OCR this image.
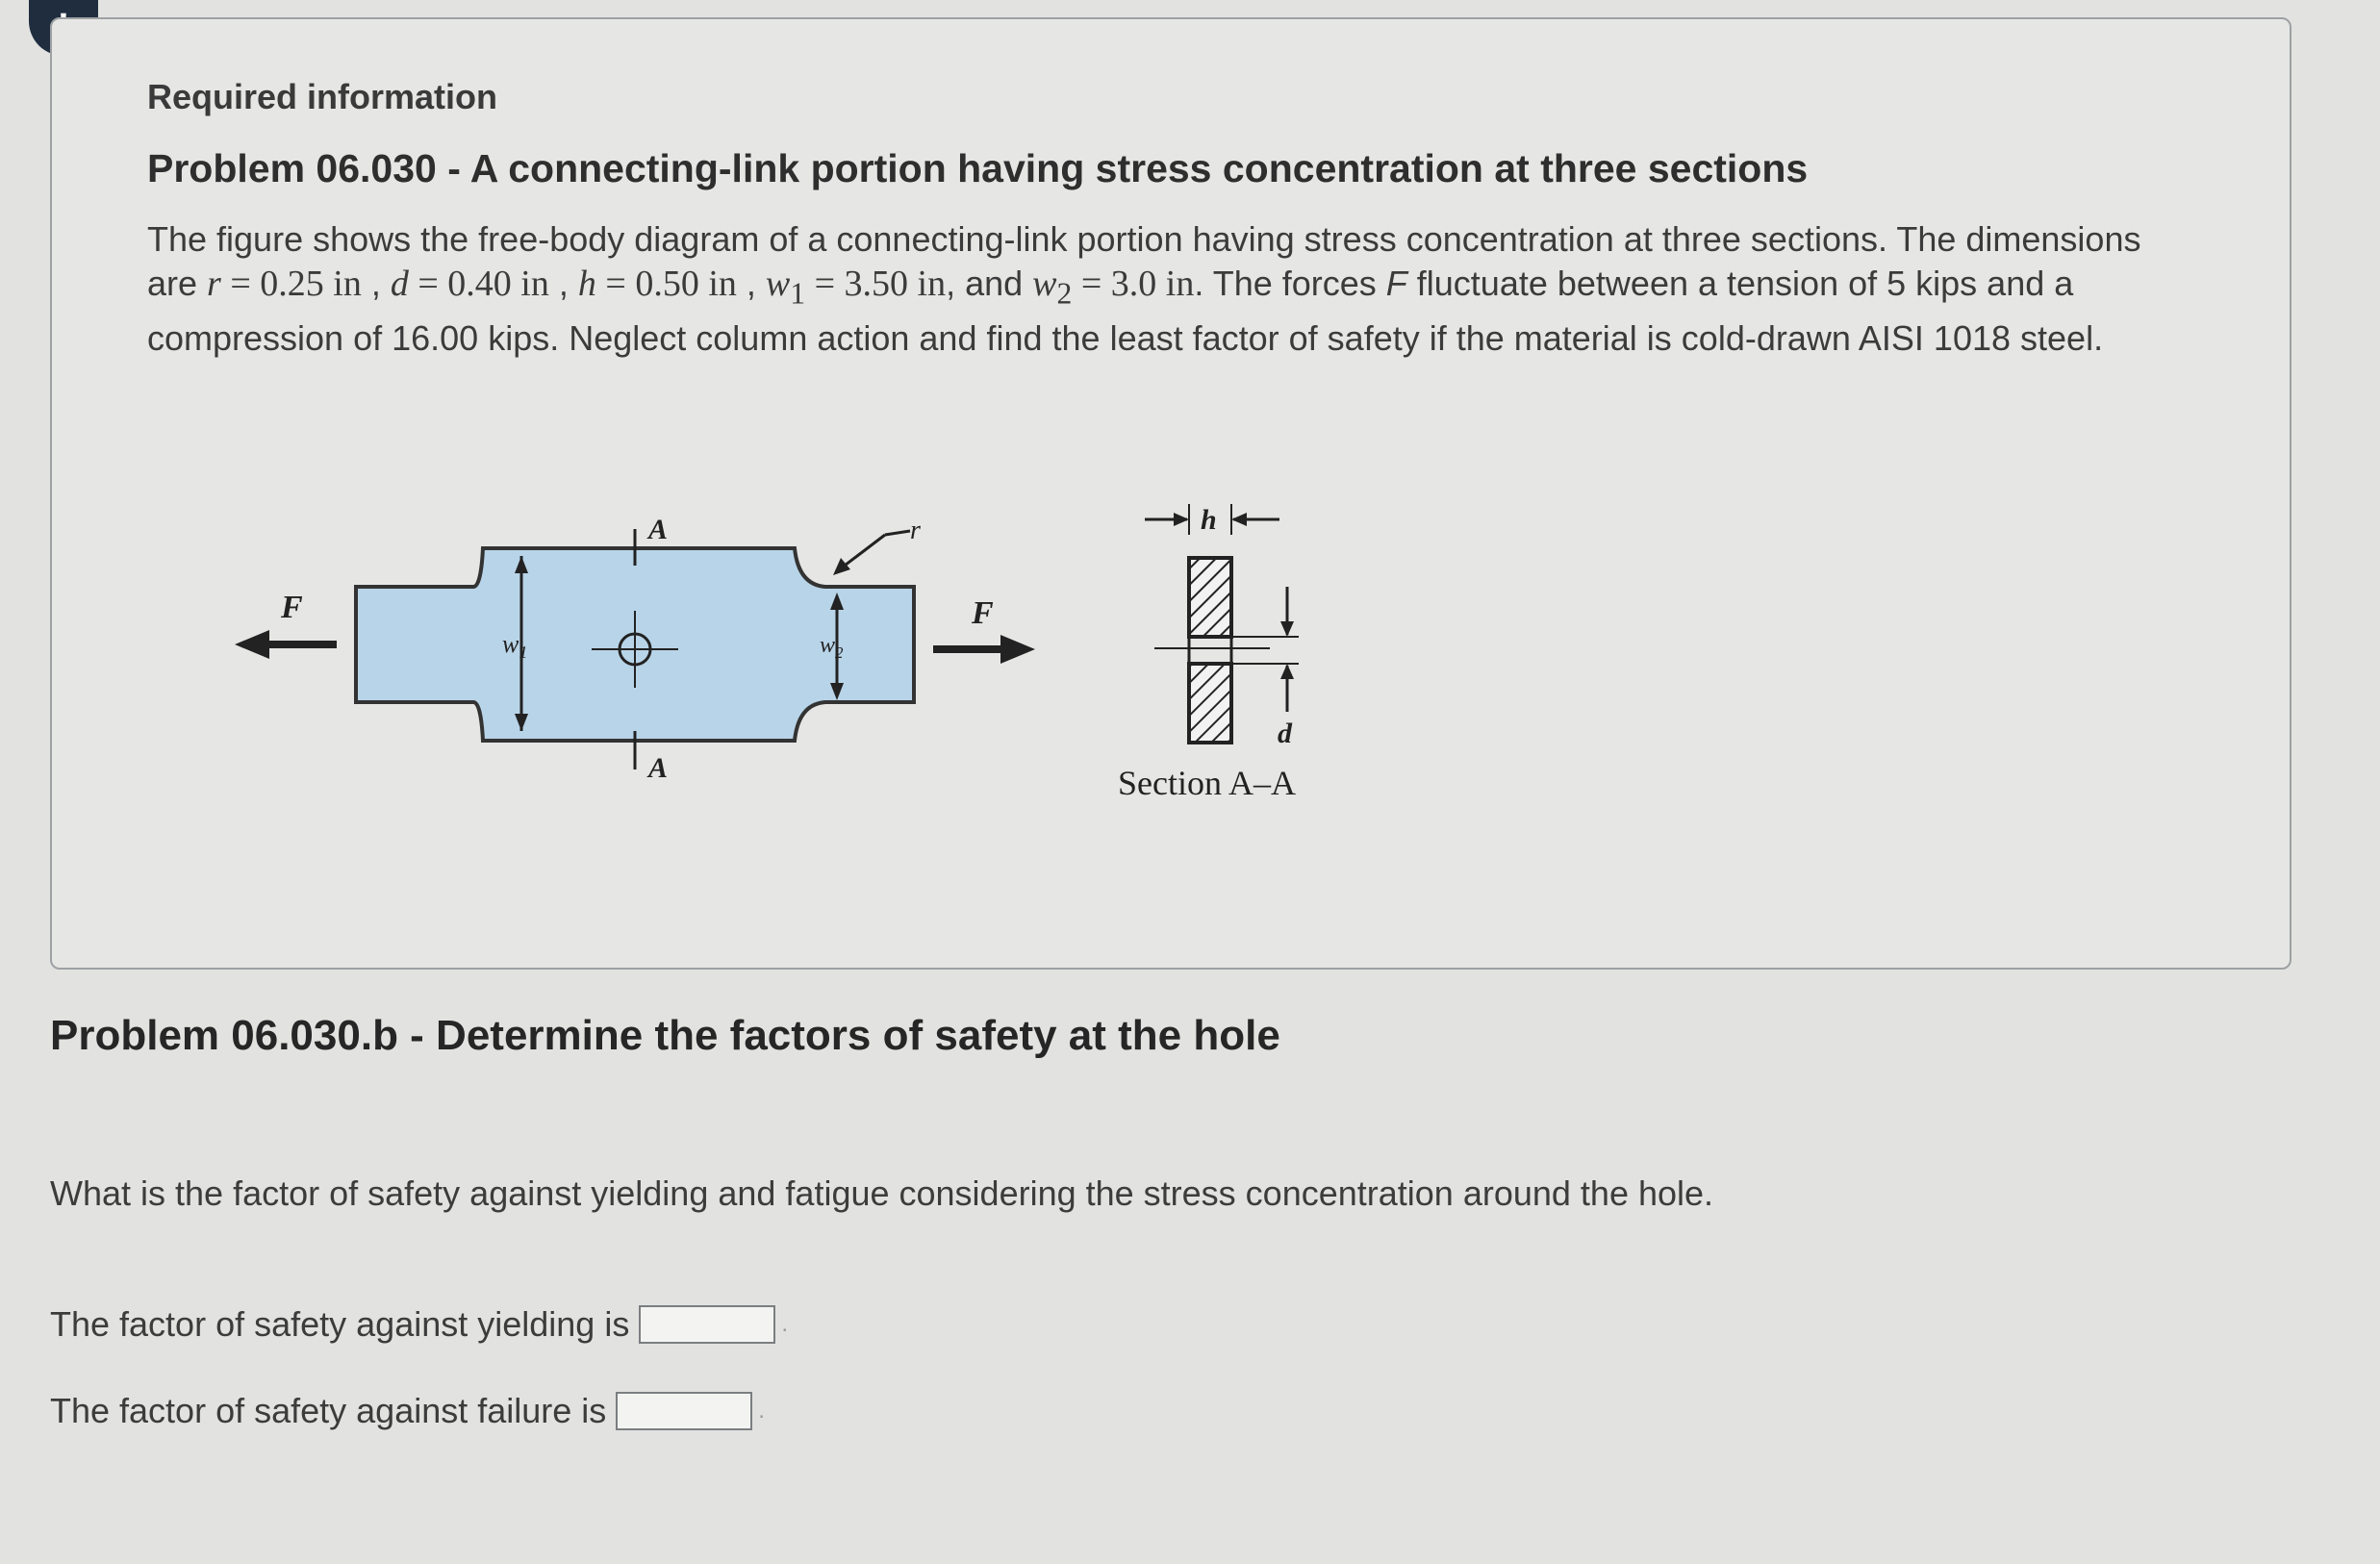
Required information
Problem 06.030 - A connecting-link portion having stress concentration at three sections
The figure shows the free-body diagram of a connecting-link portion having stress concentration at three sections. The dimensions are r = 0.25 in , d = 0.40 in , h = 0.50 in , $w_1 = 3.50$ in, and $w_2 = 3.0$ in. The forces F fluctuate between a tension of 5 kips and a compression of 16.00 kips. Neglect column action and find the least factor of safety if the material is cold-drawn AISI 1018 steel.
F	F
$w_1$
A
A
r
$w_2$
h
d
Section A–A
Problem 06.030.b - Determine the factors of safety at the hole
What is the factor of safety against yielding and fatigue considering the stress concentration around the hole.
The factor of safety against yielding is	.
The factor of safety against failure is	.
